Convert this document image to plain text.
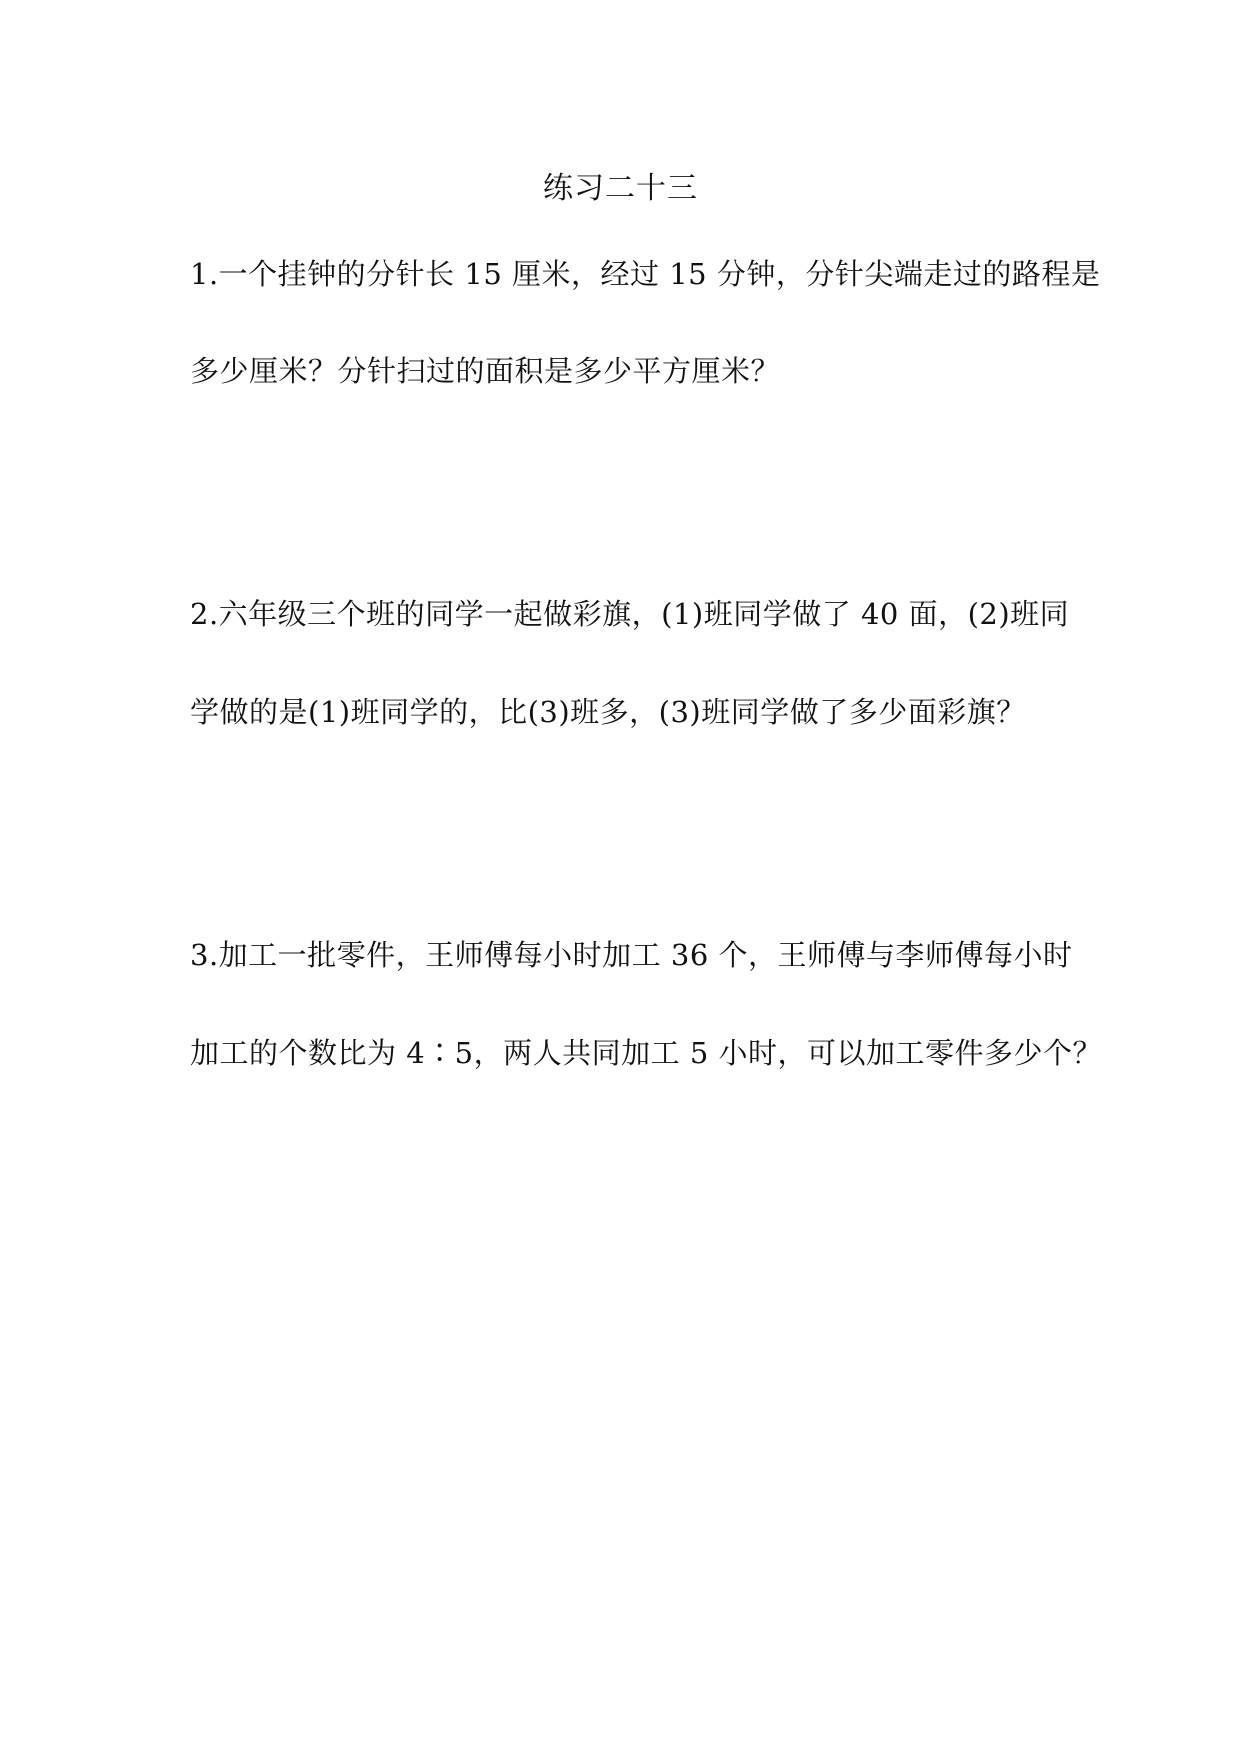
练习二十三
1.一个挂钟的分针长 15 厘米，经过 15 分钟，分针尖端走过的路程是
多少厘米？分针扫过的面积是多少平方厘米？
2.六年级三个班的同学一起做彩旗，(1)班同学做了 40 面，(2)班同
学做的是(1)班同学的，比(3)班多，(3)班同学做了多少面彩旗？
3.加工一批零件，王师傅每小时加工 36 个，王师傅与李师傅每小时
加工的个数比为 4∶5，两人共同加工 5 小时，可以加工零件多少个？
